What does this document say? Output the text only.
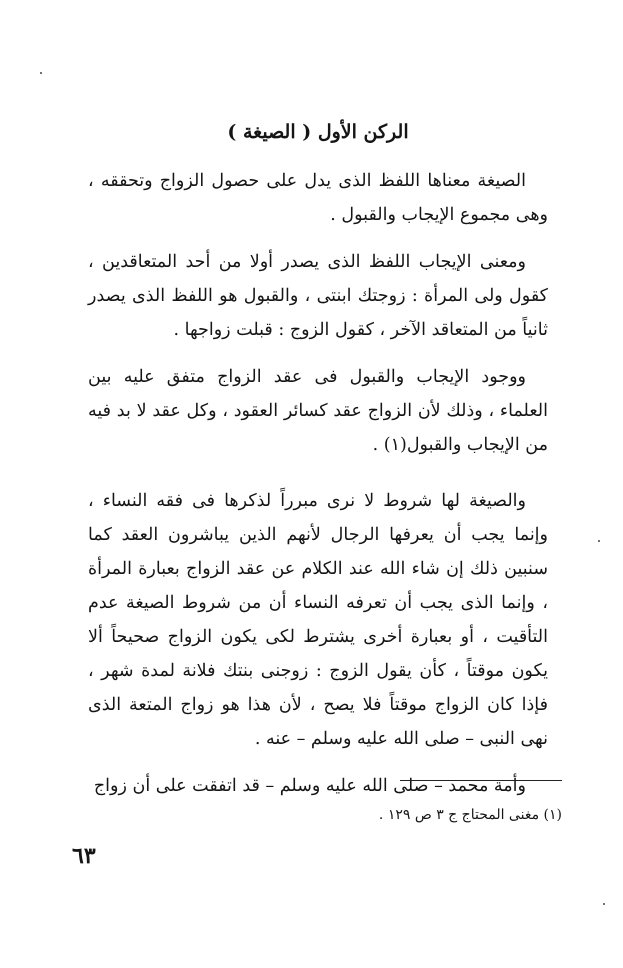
الركن الأول ( الصيغة )

الصيغة معناها اللفظ الذى يدل على حصول الزواج وتحققه ، وهى مجموع الإيجاب والقبول .

ومعنى الإيجاب اللفظ الذى يصدر أولا من أحد المتعاقدين ، كقول ولى المرأة : زوجتك ابنتى ، والقبول هو اللفظ الذى يصدر ثانياً من المتعاقد الآخر ، كقول الزوج : قبلت زواجها .

ووجود الإيجاب والقبول فى عقد الزواج متفق عليه بين العلماء ، وذلك لأن الزواج عقد كسائر العقود ، وكل عقد لا بد فيه من الإيجاب والقبول(١) .

والصيغة لها شروط لا نرى مبرراً لذكرها فى فقه النساء ، وإنما يجب أن يعرفها الرجال لأنهم الذين يباشرون العقد كما سنبين ذلك إن شاء الله عند الكلام عن عقد الزواج بعبارة المرأة ، وإنما الذى يجب أن تعرفه النساء أن من شروط الصيغة عدم التأقيت ، أو بعبارة أخرى يشترط لكى يكون الزواج صحيحاً ألا يكون موقتاً ، كأن يقول الزوج : زوجنى بنتك فلانة لمدة شهر ، فإذا كان الزواج موقتاً فلا يصح ، لأن هذا هو زواج المتعة الذى نهى النبى – صلى الله عليه وسلم – عنه .

وأمة محمد – صلى الله عليه وسلم – قد اتفقت على أن زواج

(١) مغنى المحتاج ج ٣ ص ١٢٩ .
٦٣
